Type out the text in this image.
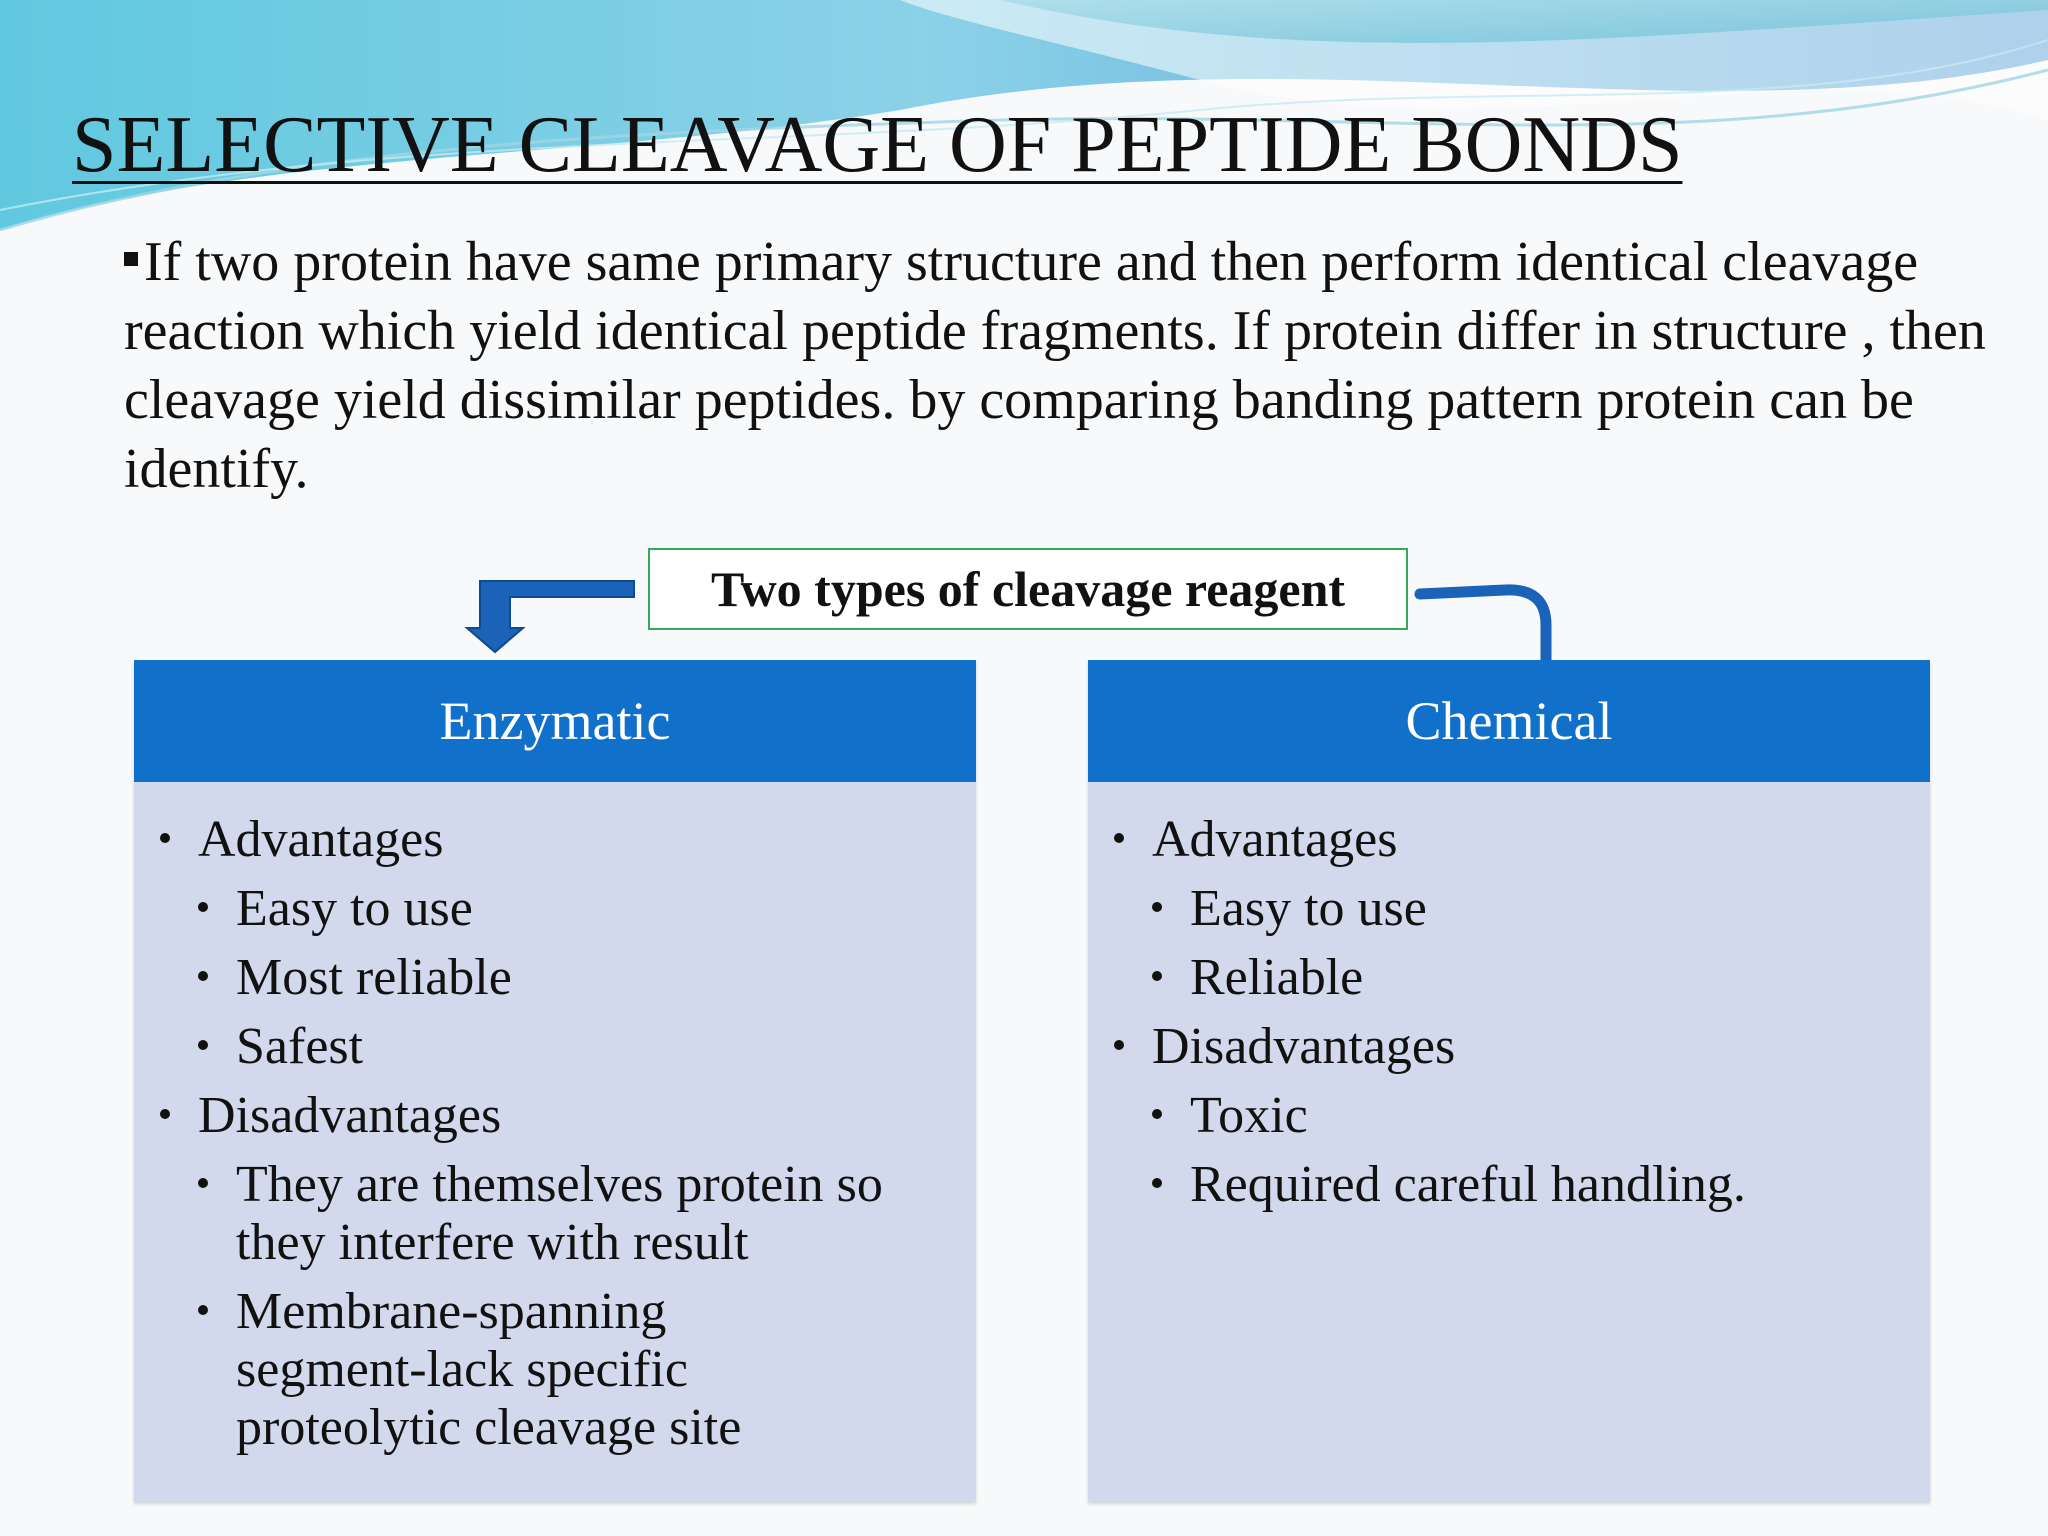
SELECTIVE CLEAVAGE OF PEPTIDE BONDS

If two protein have same primary structure and then perform identical cleavage reaction which yield identical peptide fragments. If protein differ in structure , then cleavage yield dissimilar peptides. by comparing banding pattern protein can be identify.

Two types of cleavage reagent
Enzymatic
Advantages
Easy to use
Most reliable
Safest
Disadvantages
They are themselves protein so they interfere with result
Membrane-spanning segment-lack specific proteolytic cleavage site
Chemical
Advantages
Easy to use
Reliable
Disadvantages
Toxic
Required careful handling.
